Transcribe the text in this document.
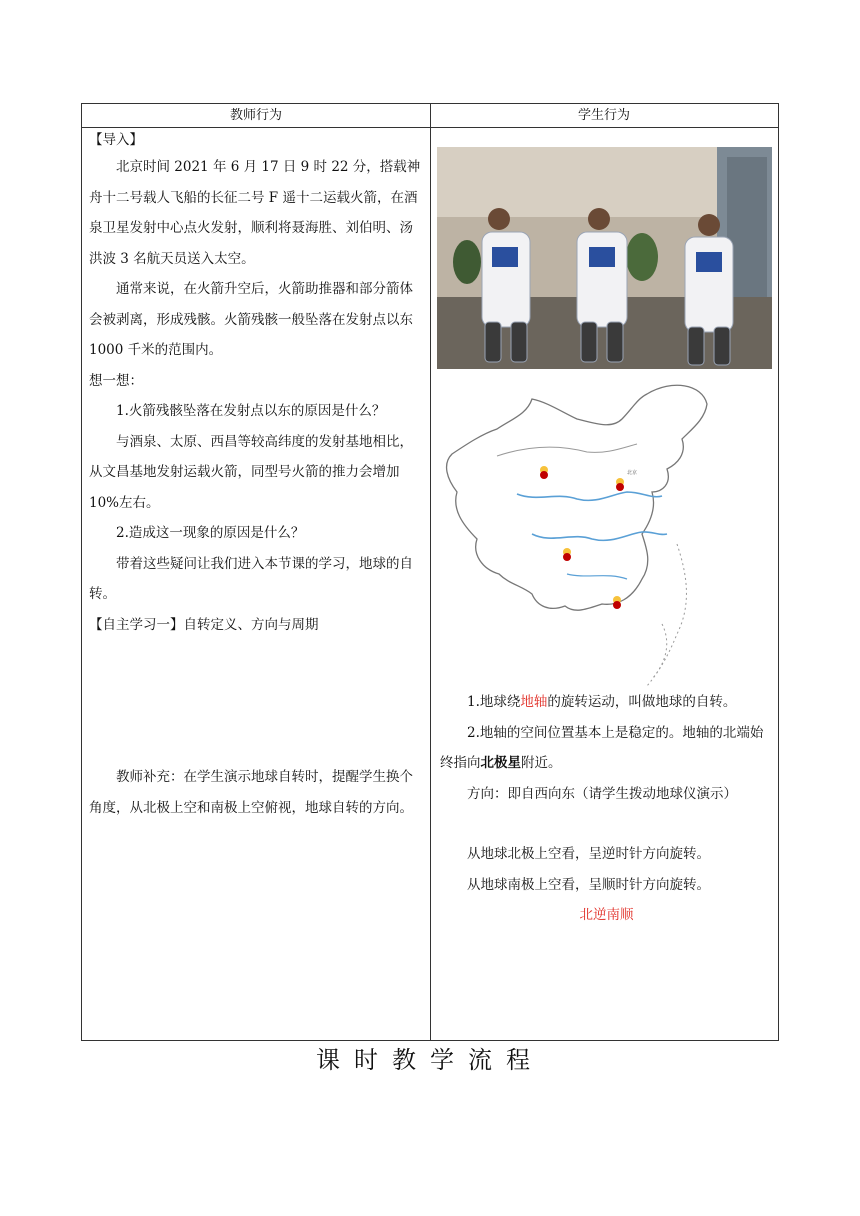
教师行为	学生行为

【导入】

北京时间 2021 年 6 月 17 日 9 时 22 分，搭载神舟十二号载人飞船的长征二号 F 遥十二运载火箭，在酒泉卫星发射中心点火发射，顺利将聂海胜、刘伯明、汤洪波 3 名航天员送入太空。

通常来说，在火箭升空后，火箭助推器和部分箭体会被剥离，形成残骸。火箭残骸一般坠落在发射点以东 1000 千米的范围内。

想一想：

1.火箭残骸坠落在发射点以东的原因是什么？

与酒泉、太原、西昌等较高纬度的发射基地相比，从文昌基地发射运载火箭，同型号火箭的推力会增加 10%左右。

2.造成这一现象的原因是什么？

带着这些疑问让我们进入本节课的学习，地球的自转。

【自主学习一】自转定义、方向与周期

教师补充：在学生演示地球自转时，提醒学生换个角度，从北极上空和南极上空俯视，地球自转的方向。

北京

1.地球绕地轴的旋转运动，叫做地球的自转。

2.地轴的空间位置基本上是稳定的。地轴的北端始终指向北极星附近。

方向：即自西向东（请学生拨动地球仪演示）

从地球北极上空看，呈逆时针方向旋转。

从地球南极上空看，呈顺时针方向旋转。

北逆南顺

课时教学流程
